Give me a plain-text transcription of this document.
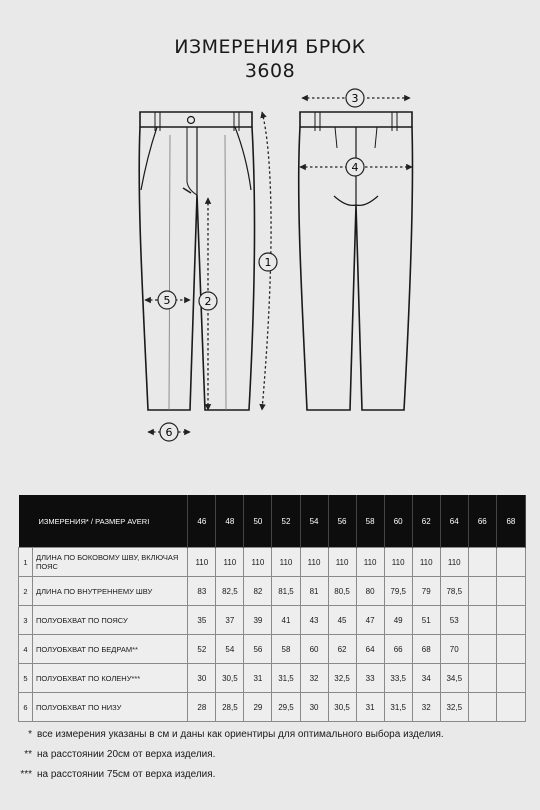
ИЗМЕРЕНИЯ БРЮК
3608
1
2
3
4
5
6
ИЗМЕРЕНИЯ* / РАЗМЕР AVERI		46	48	50	52	54	56	58	60	62	64	66	68
1	ДЛИНА ПО БОКОВОМУ ШВУ, ВКЛЮЧАЯ ПОЯС	110	110	110	110	110	110	110	110	110	110		
2	ДЛИНА ПО ВНУТРЕННЕМУ ШВУ	83	82,5	82	81,5	81	80,5	80	79,5	79	78,5		
3	ПОЛУОБХВАТ ПО ПОЯСУ	35	37	39	41	43	45	47	49	51	53		
4	ПОЛУОБХВАТ ПО БЕДРАМ**	52	54	56	58	60	62	64	66	68	70		
5	ПОЛУОБХВАТ ПО КОЛЕНУ***	30	30,5	31	31,5	32	32,5	33	33,5	34	34,5		
6	ПОЛУОБХВАТ ПО НИЗУ	28	28,5	29	29,5	30	30,5	31	31,5	32	32,5		
* все измерения указаны в см и даны как ориентиры для оптимального выбора изделия.
** на расстоянии 20см от верха изделия.
*** на расстоянии 75см от верха изделия.
